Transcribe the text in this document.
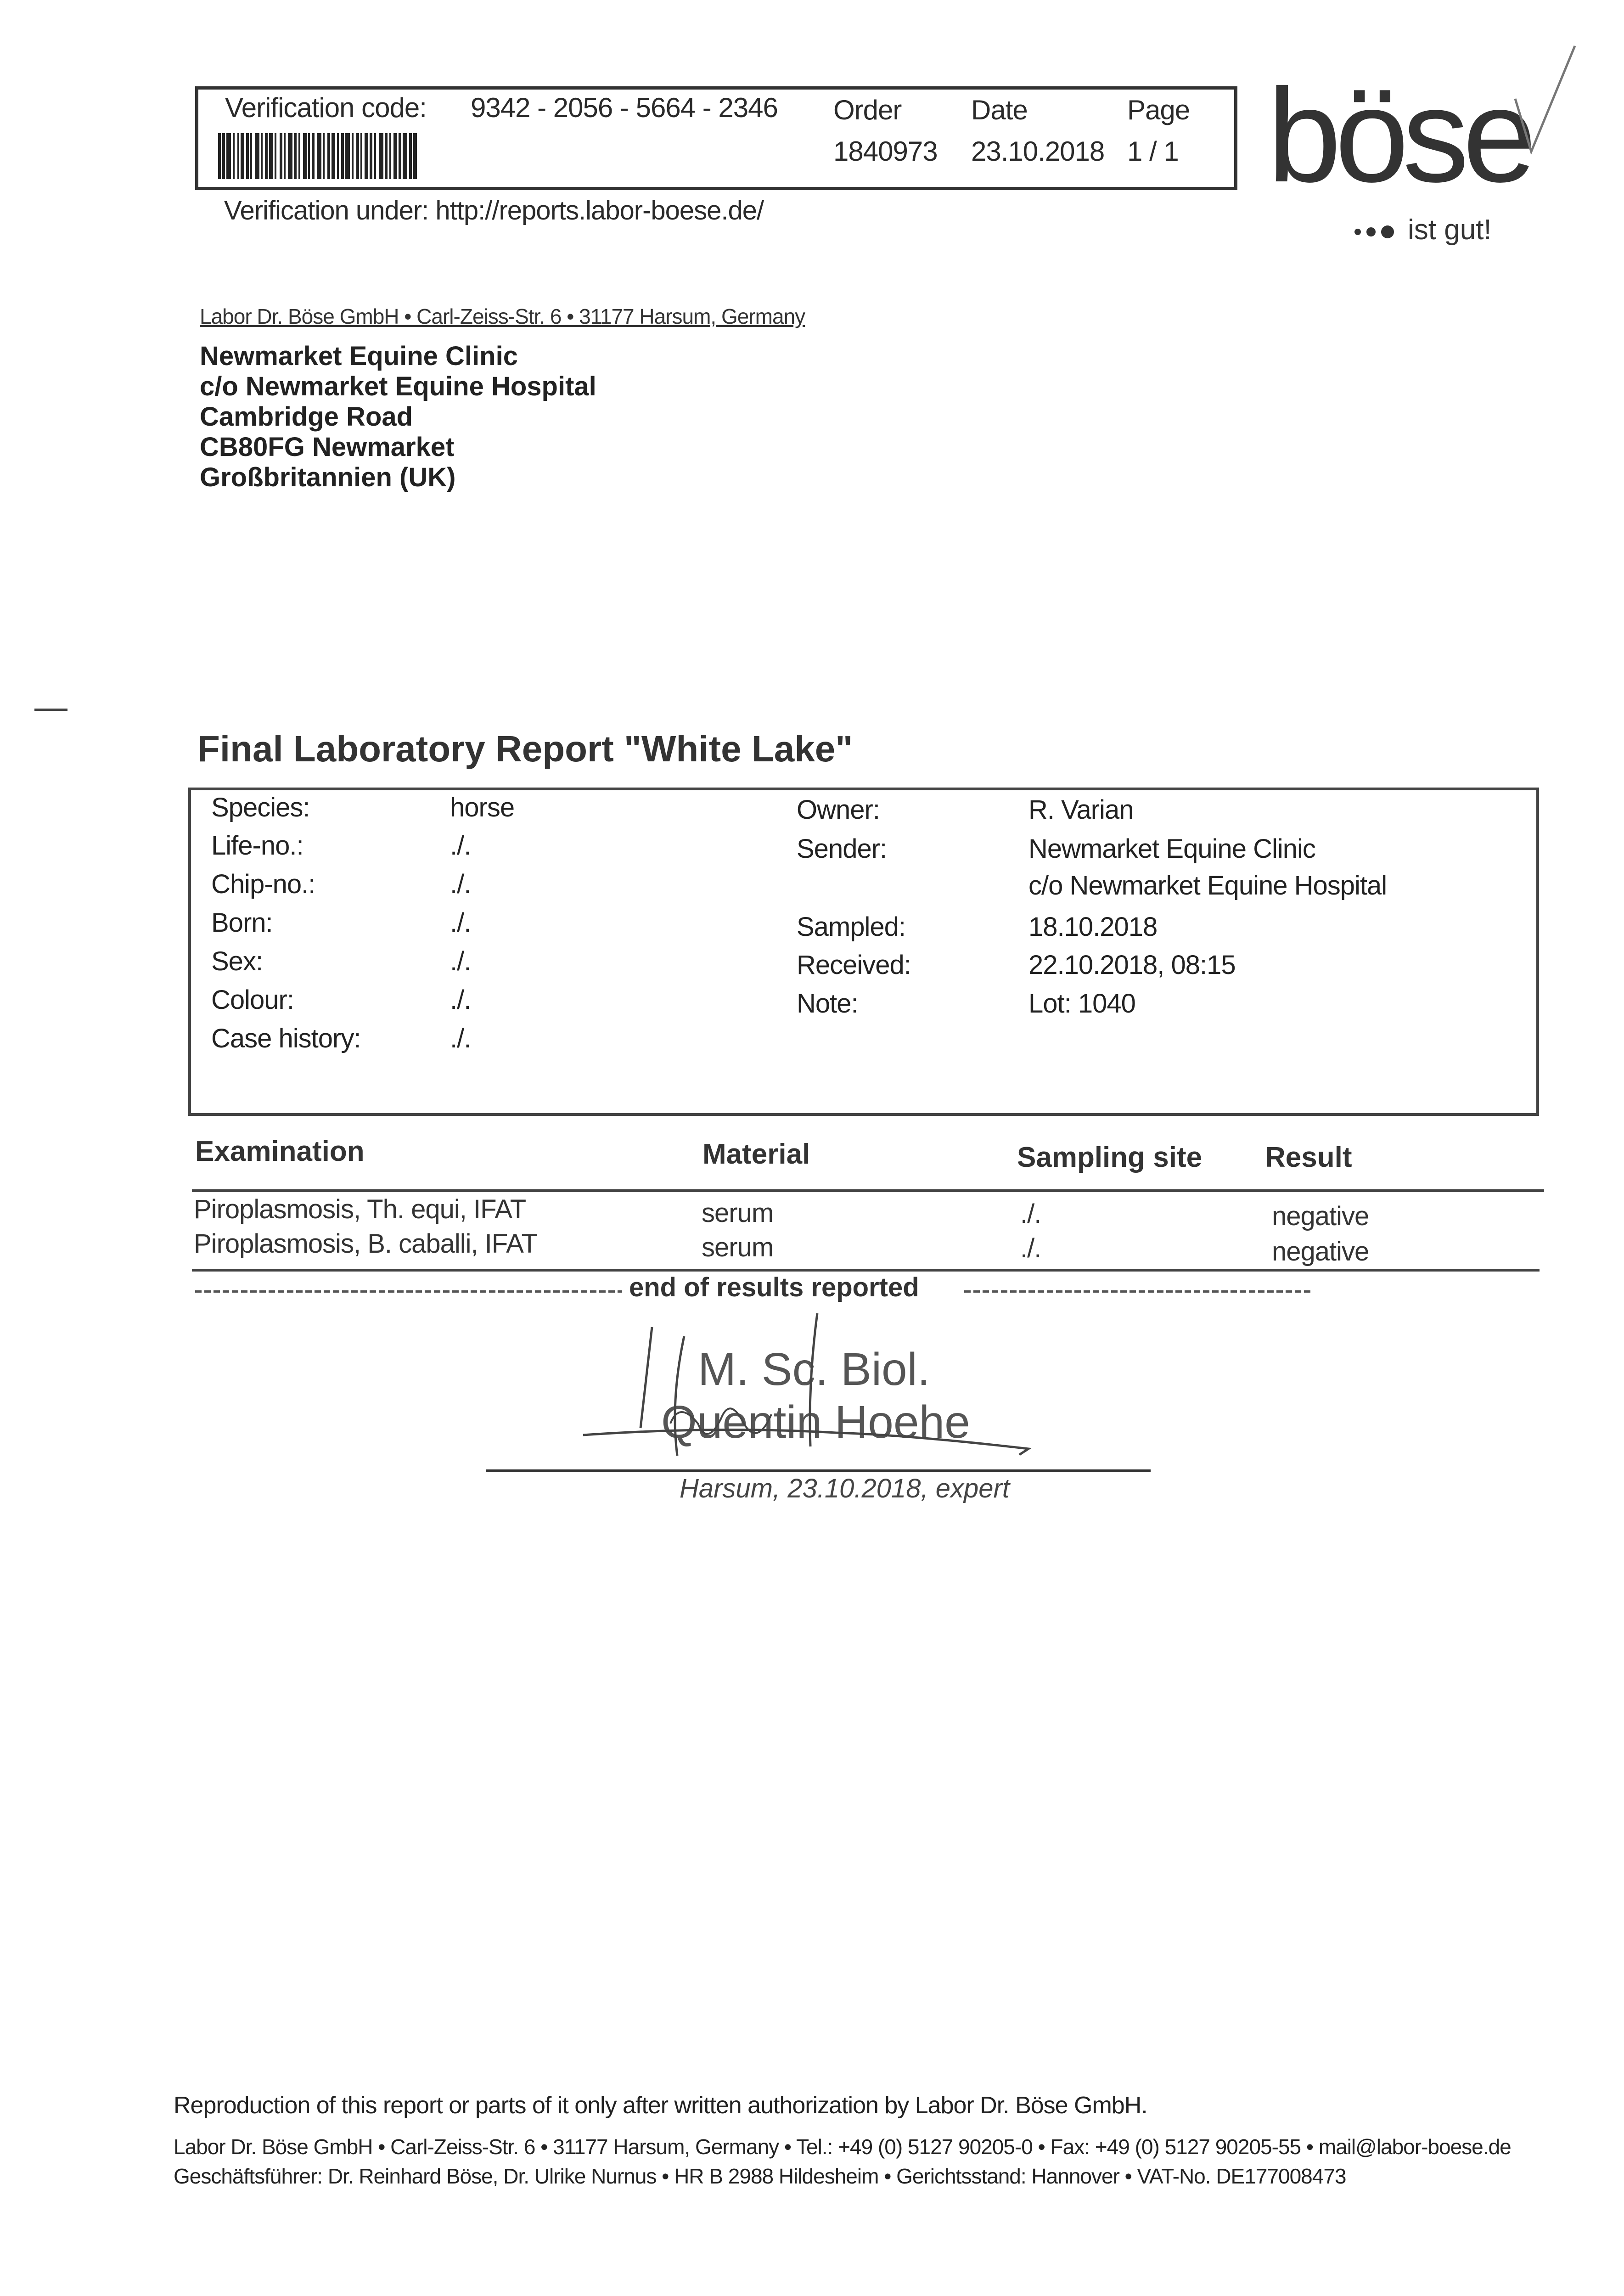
Verification code: 9342 - 2056 - 5664 - 2346 Order
1840973
Date
23.10.2018
Page
1 / 1
Verification under: http://reports.labor-boese.de/
böse
ist gut!
Labor Dr. Böse GmbH • Carl-Zeiss-Str. 6 • 31177 Harsum, Germany
Newmarket Equine Clinic
c/o Newmarket Equine Hospital
Cambridge Road
CB80FG Newmarket
Großbritannien (UK)
Final Laboratory Report "White Lake"
Species:	horse
Life-no.:	./.
Chip-no.:	./.
Born:	./.
Sex:	./.
Colour:	./.
Case history:	./.
Owner:	R. Varian
Sender:	Newmarket Equine Clinic
c/o Newmarket Equine Hospital
Sampled:	18.10.2018
Received:	22.10.2018, 08:15
Note:	Lot: 1040
Examination	Material	Sampling site Result
Piroplasmosis, Th. equi, IFAT	serum	./.	negative
Piroplasmosis, B. caballi, IFAT	serum	./.	negative
end of results reported
M. Sc. Biol.
Quentin Hoehe
Harsum, 23.10.2018, expert
Reproduction of this report or parts of it only after written authorization by Labor Dr. Böse GmbH.
Labor Dr. Böse GmbH • Carl-Zeiss-Str. 6 • 31177 Harsum, Germany • Tel.: +49 (0) 5127 90205-0 • Fax: +49 (0) 5127 90205-55 • mail@labor-boese.de
Geschäftsführer: Dr. Reinhard Böse, Dr. Ulrike Nurnus • HR B 2988 Hildesheim • Gerichtsstand: Hannover • VAT-No. DE177008473
